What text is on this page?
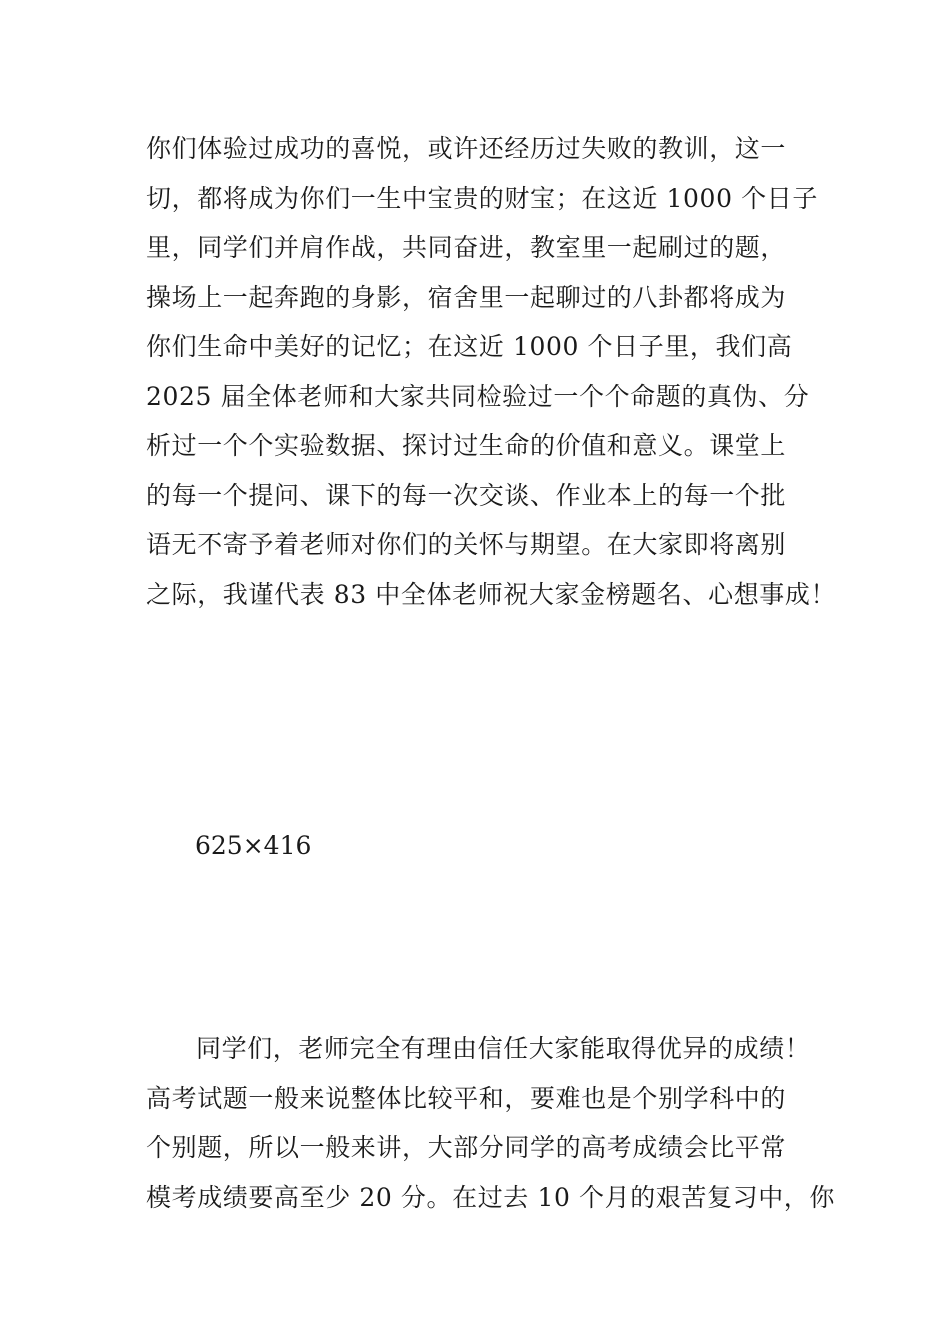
你们体验过成功的喜悦，或许还经历过失败的教训，这一
切，都将成为你们一生中宝贵的财宝；在这近 1000 个日子
里，同学们并肩作战，共同奋进，教室里一起刷过的题，
操场上一起奔跑的身影，宿舍里一起聊过的八卦都将成为
你们生命中美好的记忆；在这近 1000 个日子里，我们高
2025 届全体老师和大家共同检验过一个个命题的真伪、分
析过一个个实验数据、探讨过生命的价值和意义。课堂上
的每一个提问、课下的每一次交谈、作业本上的每一个批
语无不寄予着老师对你们的关怀与期望。在大家即将离别
之际，我谨代表 83 中全体老师祝大家金榜题名、心想事成！
625×416
同学们，老师完全有理由信任大家能取得优异的成绩！
高考试题一般来说整体比较平和，要难也是个别学科中的
个别题，所以一般来讲，大部分同学的高考成绩会比平常
模考成绩要高至少 20 分。在过去 10 个月的艰苦复习中，你
